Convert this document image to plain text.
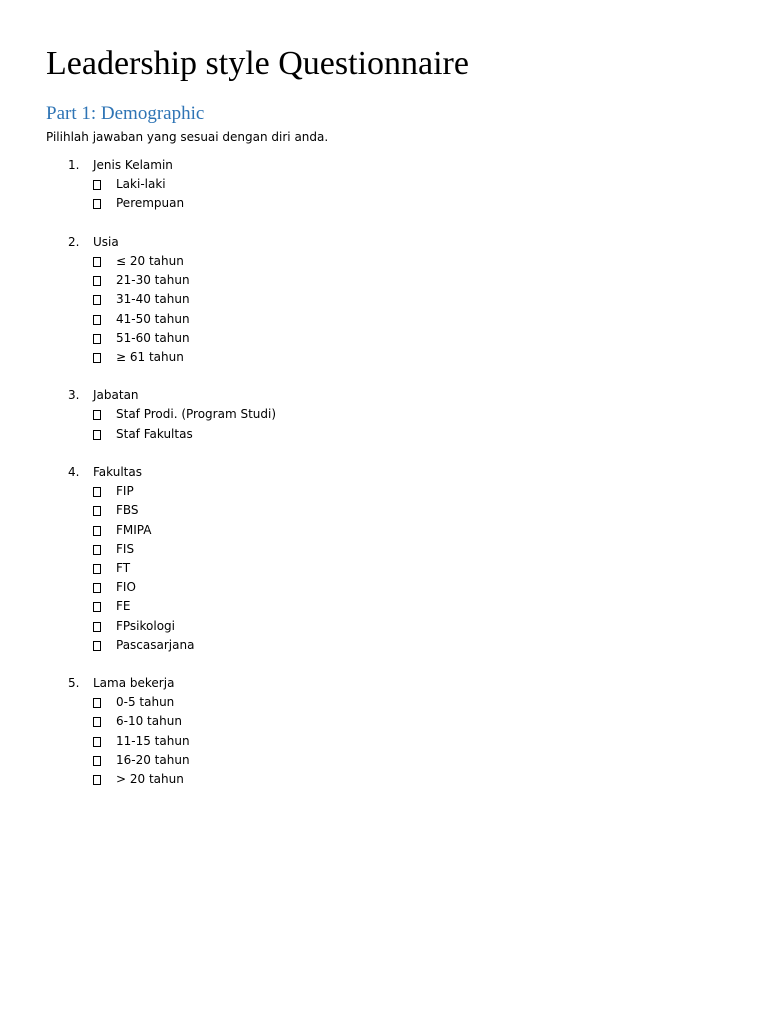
Leadership style Questionnaire
Part 1: Demographic
Pilihlah jawaban yang sesuai dengan diri anda.
1.	Jenis Kelamin
Laki-laki
Perempuan
2.	Usia
≤ 20 tahun
21-30 tahun
31-40 tahun
41-50 tahun
51-60 tahun
≥ 61 tahun
3.	Jabatan
Staf Prodi. (Program Studi)
Staf Fakultas
4.	Fakultas
FIP
FBS
FMIPA
FIS
FT
FIO
FE
FPsikologi
Pascasarjana
5.	Lama bekerja
0-5 tahun
6-10 tahun
11-15 tahun
16-20 tahun
> 20 tahun
